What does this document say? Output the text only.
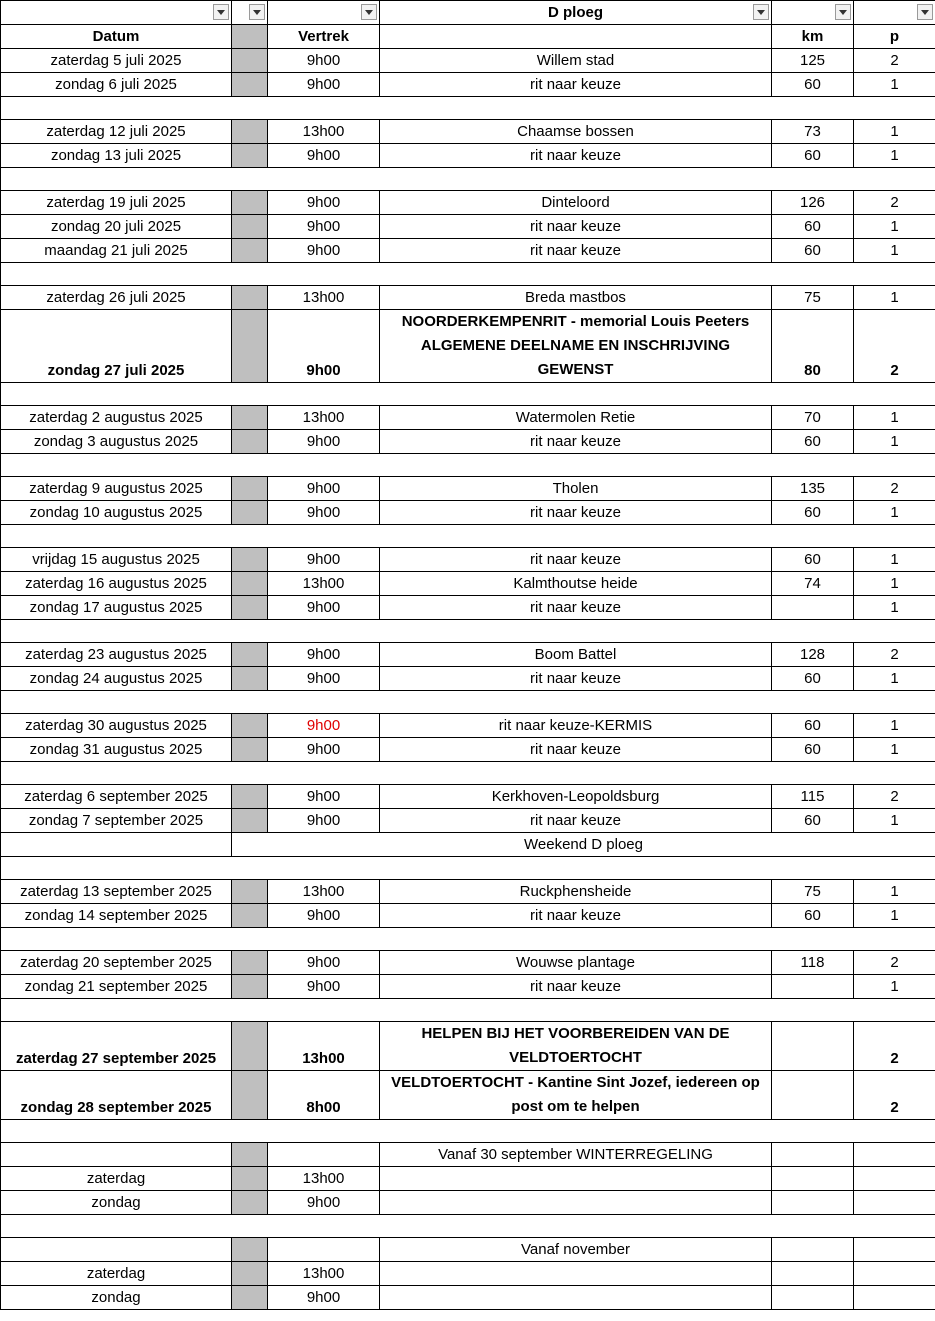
	D ploeg

Datum		Vertrek		km	p
zaterdag 5 juli 2025		9h00	Willem stad	125	2
zondag 6 juli 2025		9h00	rit naar keuze	60	1

zaterdag 12 juli 2025		13h00	Chaamse bossen	73	1
zondag 13 juli 2025		9h00	rit naar keuze	60	1

zaterdag 19 juli 2025		9h00	Dinteloord	126	2
zondag 20 juli 2025		9h00	rit naar keuze	60	1
maandag 21 juli 2025		9h00	rit naar keuze	60	1

zaterdag 26 juli 2025		13h00	Breda mastbos	75	1
zondag 27 juli 2025		9h00	NOORDERKEMPENRIT - memorial Louis Peeters ALGEMENE DEELNAME EN INSCHRIJVING GEWENST	80	2

zaterdag 2 augustus 2025		13h00	Watermolen Retie	70	1
zondag 3 augustus 2025		9h00	rit naar keuze	60	1

zaterdag 9 augustus 2025		9h00	Tholen	135	2
zondag 10 augustus 2025		9h00	rit naar keuze	60	1

vrijdag 15 augustus 2025		9h00	rit naar keuze	60	1
zaterdag 16 augustus 2025		13h00	Kalmthoutse heide	74	1
zondag 17 augustus 2025		9h00	rit naar keuze		1

zaterdag 23 augustus 2025		9h00	Boom Battel	128	2
zondag 24 augustus 2025		9h00	rit naar keuze	60	1

zaterdag 30 augustus 2025		9h00	rit naar keuze-KERMIS	60	1
zondag 31 augustus 2025		9h00	rit naar keuze	60	1

zaterdag 6 september 2025		9h00	Kerkhoven-Leopoldsburg	115	2
zondag 7 september 2025		9h00	rit naar keuze	60	1
	Weekend D ploeg				

zaterdag 13 september 2025		13h00	Ruckphensheide	75	1
zondag 14 september 2025		9h00	rit naar keuze	60	1

zaterdag 20 september 2025		9h00	Wouwse plantage	118	2
zondag 21 september 2025		9h00	rit naar keuze		1

zaterdag 27 september 2025		13h00	HELPEN BIJ HET VOORBEREIDEN VAN DE VELDTOERTOCHT		2
zondag 28 september 2025		8h00	VELDTOERTOCHT - Kantine Sint Jozef, iedereen op post om te helpen		2

			Vanaf 30 september WINTERREGELING		
zaterdag		13h00			
zondag		9h00			

			Vanaf november		
zaterdag		13h00			
zondag		9h00			
